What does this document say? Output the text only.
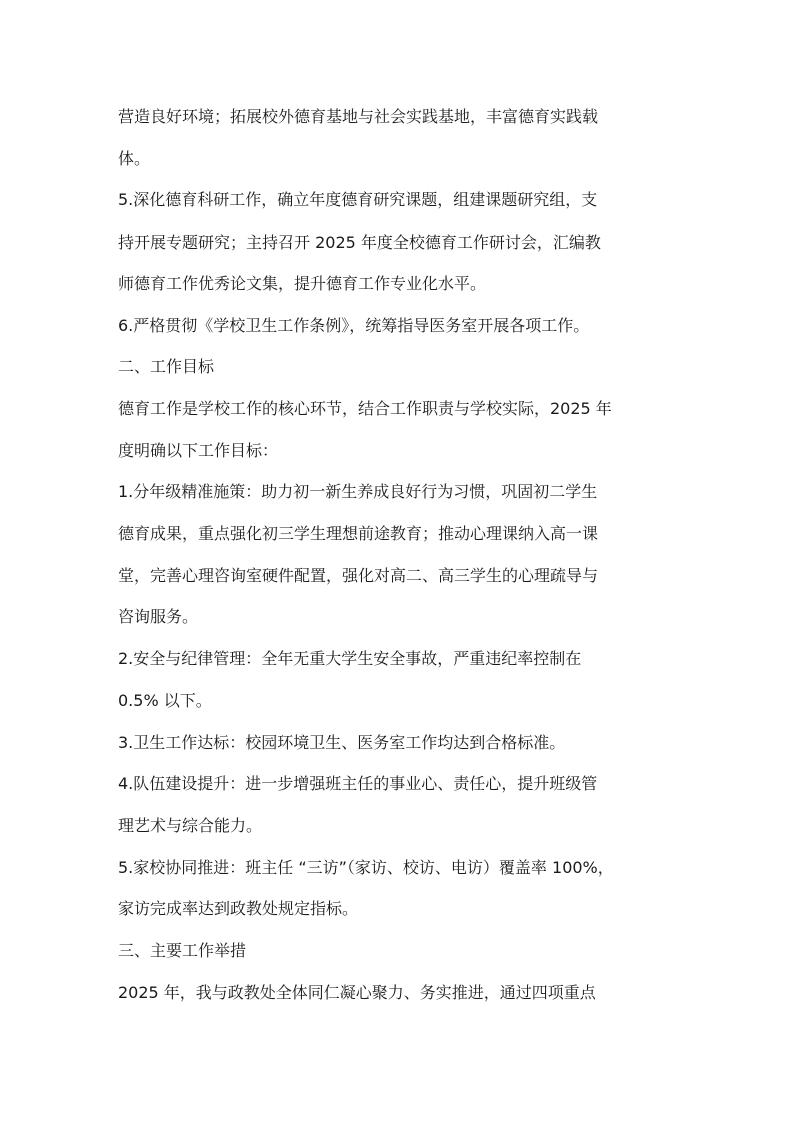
营造良好环境；拓展校外德育基地与社会实践基地，丰富德育实践载

体。

5.深化德育科研工作，确立年度德育研究课题，组建课题研究组，支

持开展专题研究；主持召开 2025 年度全校德育工作研讨会，汇编教

师德育工作优秀论文集，提升德育工作专业化水平。

6.严格贯彻《学校卫生工作条例》，统筹指导医务室开展各项工作。

二、工作目标

德育工作是学校工作的核心环节，结合工作职责与学校实际，2025 年

度明确以下工作目标：

1.分年级精准施策：助力初一新生养成良好行为习惯，巩固初二学生

德育成果，重点强化初三学生理想前途教育；推动心理课纳入高一课

堂，完善心理咨询室硬件配置，强化对高二、高三学生的心理疏导与

咨询服务。

2.安全与纪律管理：全年无重大学生安全事故，严重违纪率控制在

0.5% 以下。

3.卫生工作达标：校园环境卫生、医务室工作均达到合格标准。

4.队伍建设提升：进一步增强班主任的事业心、责任心，提升班级管

理艺术与综合能力。

5.家校协同推进：班主任 “三访”（家访、校访、电访）覆盖率 100%，

家访完成率达到政教处规定指标。

三、主要工作举措

2025 年，我与政教处全体同仁凝心聚力、务实推进，通过四项重点
